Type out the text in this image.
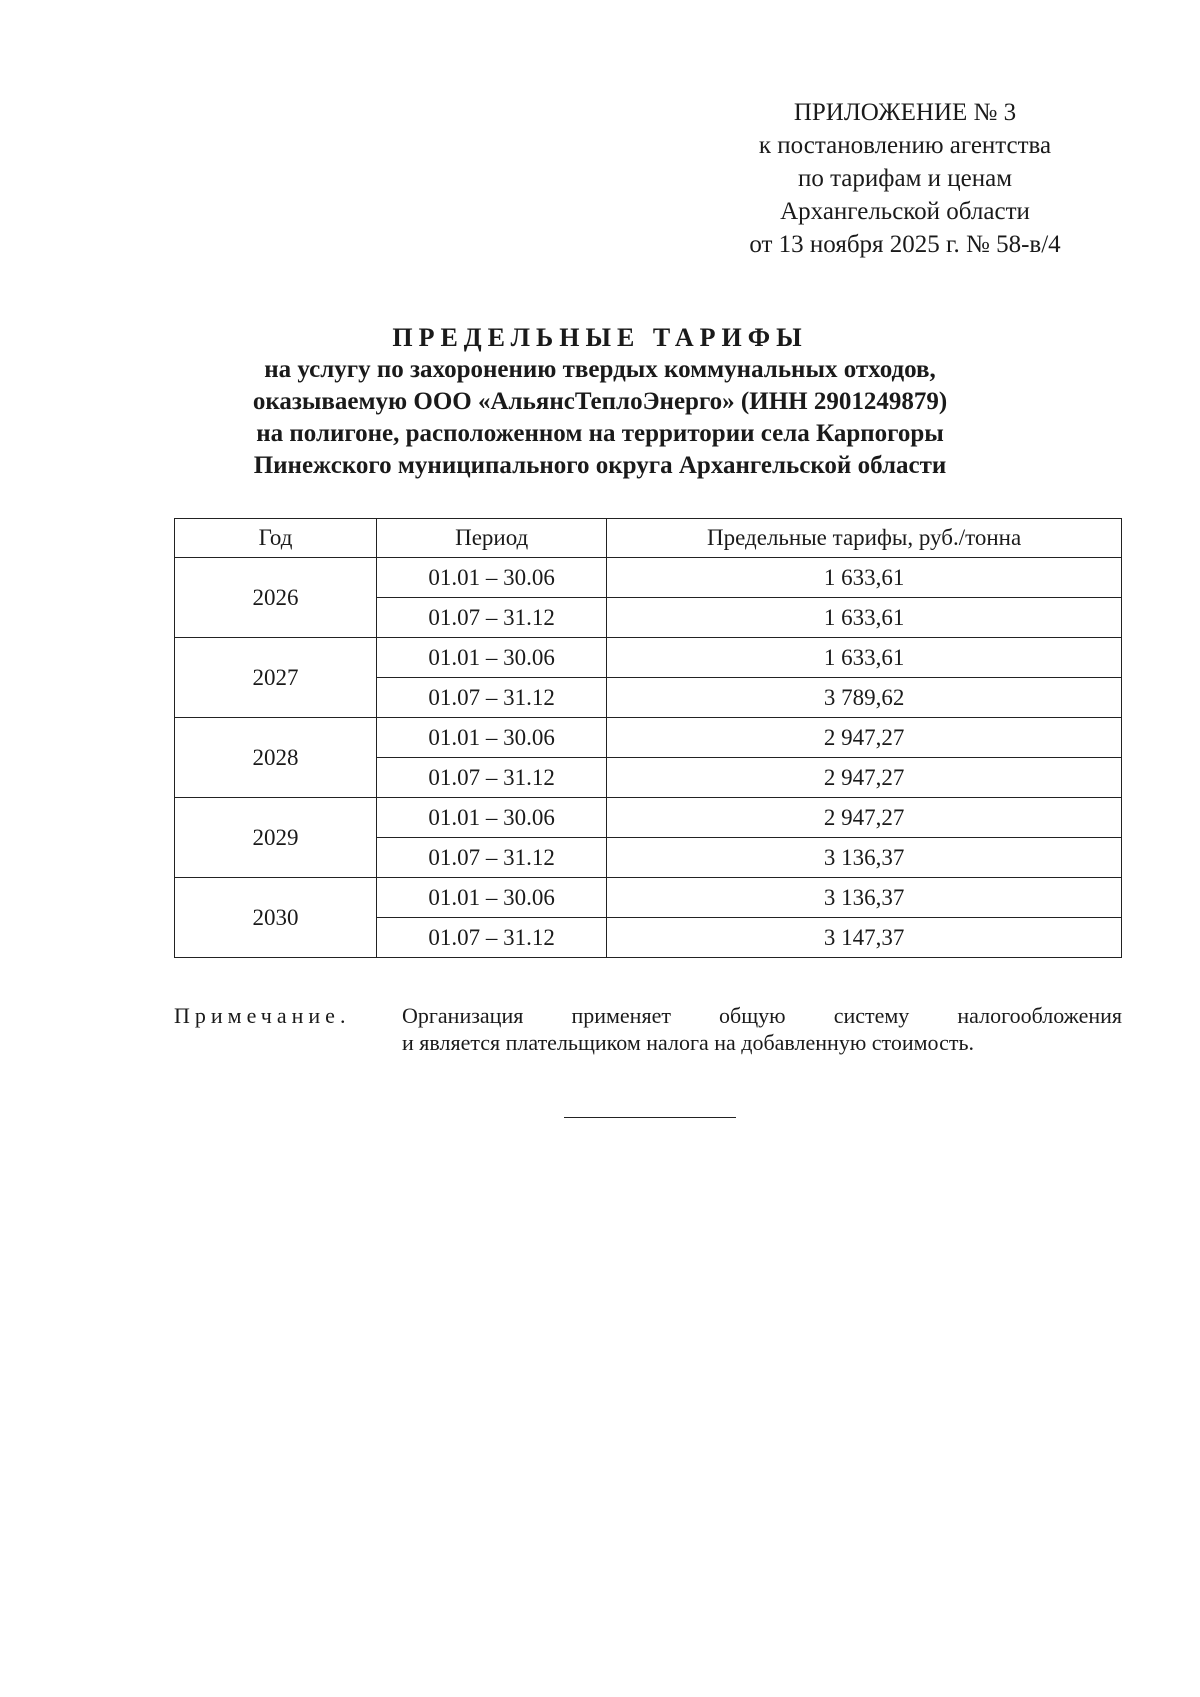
ПРИЛОЖЕНИЕ № 3
к постановлению агентства
по тарифам и ценам
Архангельской области
от 13 ноября 2025 г. № 58-в/4
ПРЕДЕЛЬНЫЕ ТАРИФЫ
на услугу по захоронению твердых коммунальных отходов,
оказываемую ООО «АльянсТеплоЭнерго» (ИНН 2901249879)
на полигоне, расположенном на территории села Карпогоры
Пинежского муниципального округа Архангельской области
Год	Период	Предельные тарифы, руб./тонна
2026	01.01 – 30.06	1 633,61
	01.07 – 31.12	1 633,61
2027	01.01 – 30.06	1 633,61
	01.07 – 31.12	3 789,62
2028	01.01 – 30.06	2 947,27
	01.07 – 31.12	2 947,27
2029	01.01 – 30.06	2 947,27
	01.07 – 31.12	3 136,37
2030	01.01 – 30.06	3 136,37
	01.07 – 31.12	3 147,37
Примечание. Организация применяет общую систему налогообложения
и является плательщиком налога на добавленную стоимость.
